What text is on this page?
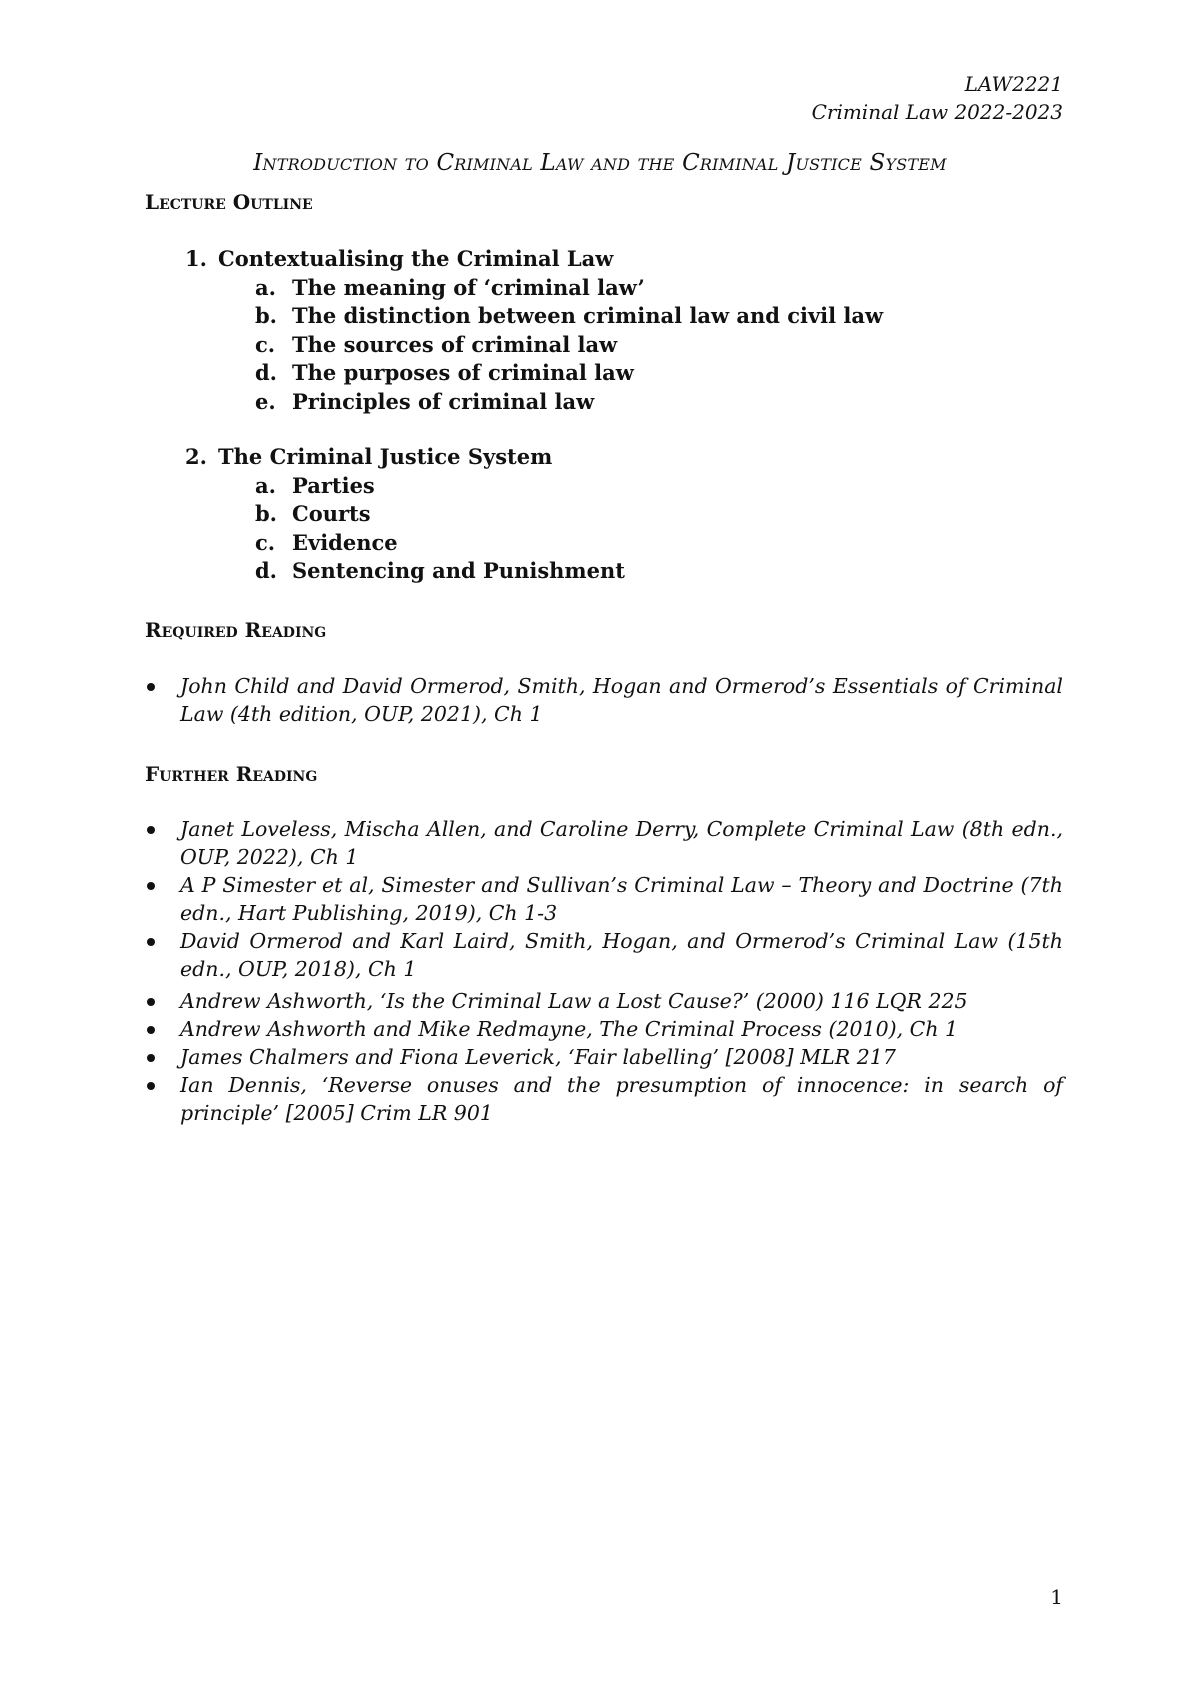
LAW2221
Criminal Law 2022-2023
Introduction to Criminal Law and the Criminal Justice System
Lecture Outline
1. Contextualising the Criminal Law
a. The meaning of ‘criminal law’
b. The distinction between criminal law and civil law
c. The sources of criminal law
d. The purposes of criminal law
e. Principles of criminal law
2. The Criminal Justice System
a. Parties
b. Courts
c. Evidence
d. Sentencing and Punishment
Required Reading
John Child and David Ormerod, Smith, Hogan and Ormerod’s Essentials of Criminal Law (4th edition, OUP, 2021), Ch 1
Further Reading
Janet Loveless, Mischa Allen, and Caroline Derry, Complete Criminal Law (8th edn., OUP, 2022), Ch 1
A P Simester et al, Simester and Sullivan’s Criminal Law – Theory and Doctrine (7th edn., Hart Publishing, 2019), Ch 1-3
David Ormerod and Karl Laird, Smith, Hogan, and Ormerod’s Criminal Law (15th edn., OUP, 2018), Ch 1
Andrew Ashworth, ‘Is the Criminal Law a Lost Cause?’ (2000) 116 LQR 225
Andrew Ashworth and Mike Redmayne, The Criminal Process (2010), Ch 1
James Chalmers and Fiona Leverick, ‘Fair labelling’ [2008] MLR 217
Ian Dennis, ‘Reverse onuses and the presumption of innocence: in search of principle’ [2005] Crim LR 901
1
